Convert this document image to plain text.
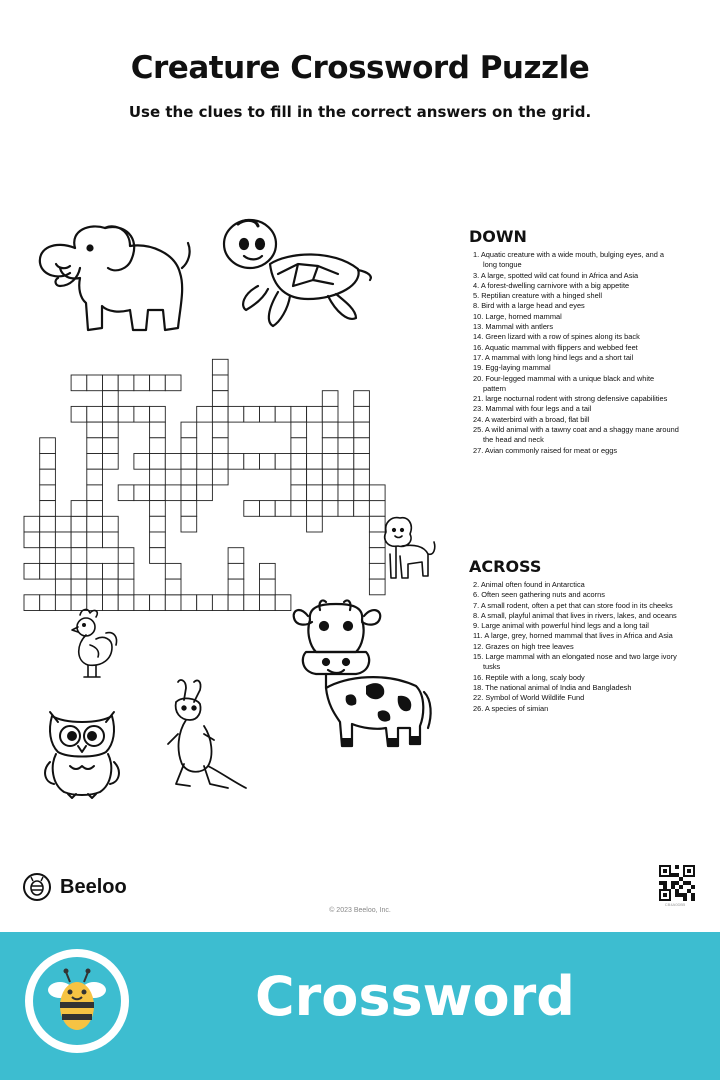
Creature Crossword Puzzle
Use the clues to fill in the correct answers on the grid.
DOWN
1. Aquatic creature with a wide mouth, bulging eyes, and a long tongue
3. A large, spotted wild cat found in Africa and Asia
4. A forest-dwelling carnivore with a big appetite
5. Reptilian creature with a hinged shell
8. Bird with a large head and eyes
10. Large, horned mammal
13. Mammal with antlers
14. Green lizard with a row of spines along its back
16. Aquatic mammal with flippers and webbed feet
17. A mammal with long hind legs and a short tail
19. Egg-laying mammal
20. Four-legged mammal with a unique black and white pattern
21. large nocturnal rodent with strong defensive capabilities
23. Mammal with four legs and a tail
24. A waterbird with a broad, flat bill
25. A wild animal with a tawny coat and a shaggy mane around the head and neck
27. Avian commonly raised for meat or eggs
ACROSS
2. Animal often found in Antarctica
6. Often seen gathering nuts and acorns
7. A small rodent, often a pet that can store food in its cheeks
8. A small, playful animal that lives in rivers, lakes, and oceans
9. Large animal with powerful hind legs and a long tail
11. A large, grey, horned mammal that lives in Africa and Asia
12. Grazes on high tree leaves
15. Large mammal with an elongated nose and two large ivory tusks
16. Reptile with a long, scaly body
18. The national animal of India and Bangladesh
22. Symbol of World Wildlife Fund
26. A species of simian
Beeloo
© 2023 Beeloo, Inc.
CB4A0DB5
Crossword
